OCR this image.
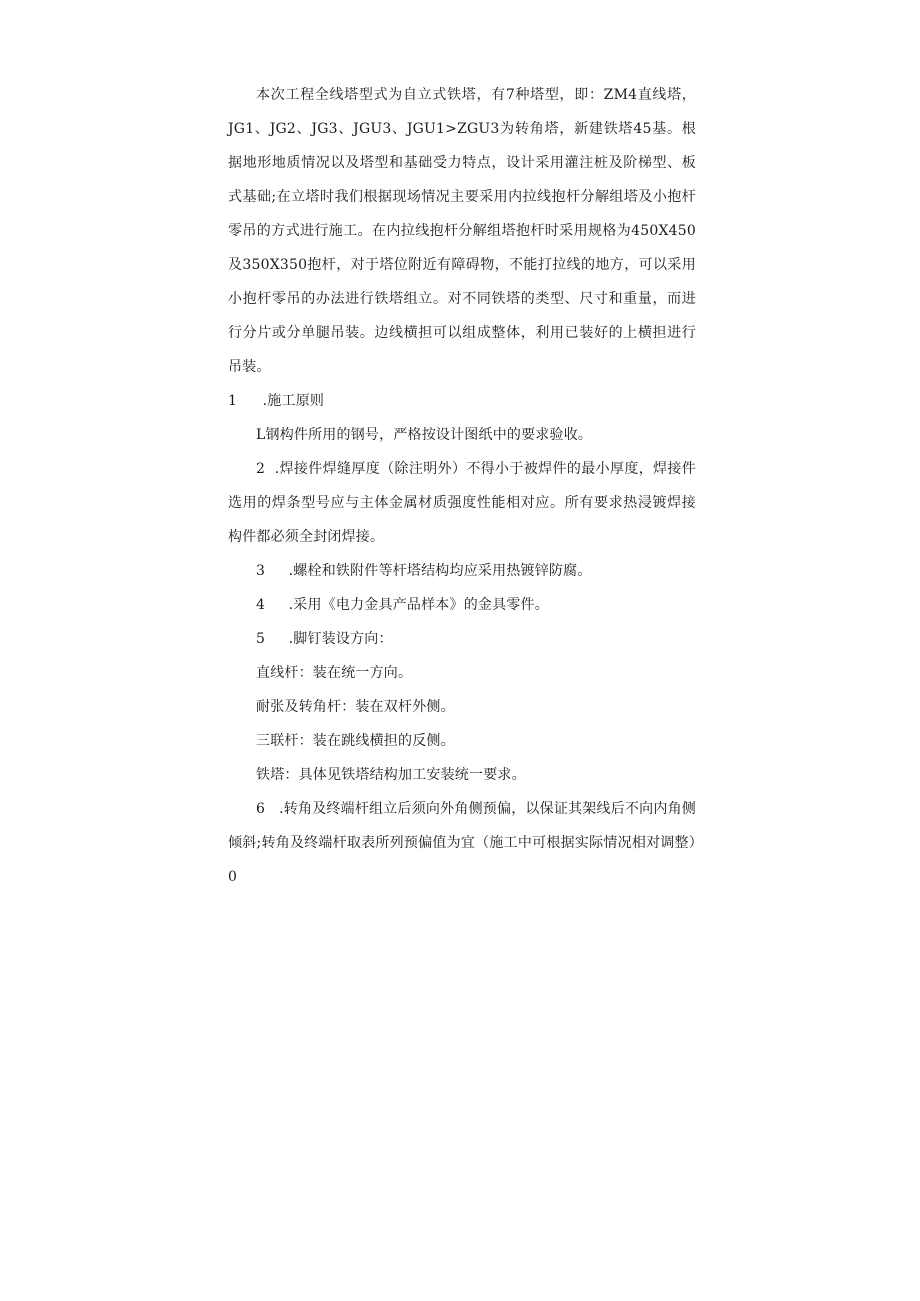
本次工程全线塔型式为自立式铁塔，有7种塔型，即：ZM4直线塔，JG1、JG2、JG3、JGU3、JGU1>ZGU3为转角塔，新建铁塔45基。根据地形地质情况以及塔型和基础受力特点，设计采用灌注桩及阶梯型、板式基础;在立塔时我们根据现场情况主要采用内拉线抱杆分解组塔及小抱杆零吊的方式进行施工。在内拉线抱杆分解组塔抱杆时采用规格为450X450及350X350抱杆，对于塔位附近有障碍物，不能打拉线的地方，可以采用小抱杆零吊的办法进行铁塔组立。对不同铁塔的类型、尺寸和重量，而进行分片或分单腿吊装。边线横担可以组成整体，利用已装好的上横担进行吊装。

1 .施工原则

L钢构件所用的钢号，严格按设计图纸中的要求验收。

2 .焊接件焊缝厚度（除注明外）不得小于被焊件的最小厚度，焊接件选用的焊条型号应与主体金属材质强度性能相对应。所有要求热浸镀焊接构件都必须全封闭焊接。

3 .螺栓和铁附件等杆塔结构均应采用热镀锌防腐。

4 .采用《电力金具产品样本》的金具零件。

5 .脚钉装设方向：

直线杆：装在统一方向。

耐张及转角杆：装在双杆外侧。

三联杆：装在跳线横担的反侧。

铁塔：具体见铁塔结构加工安装统一要求。

6 .转角及终端杆组立后须向外角侧预偏，以保证其架线后不向内角侧倾斜;转角及终端杆取表所列预偏值为宜（施工中可根据实际情况相对调整）0
